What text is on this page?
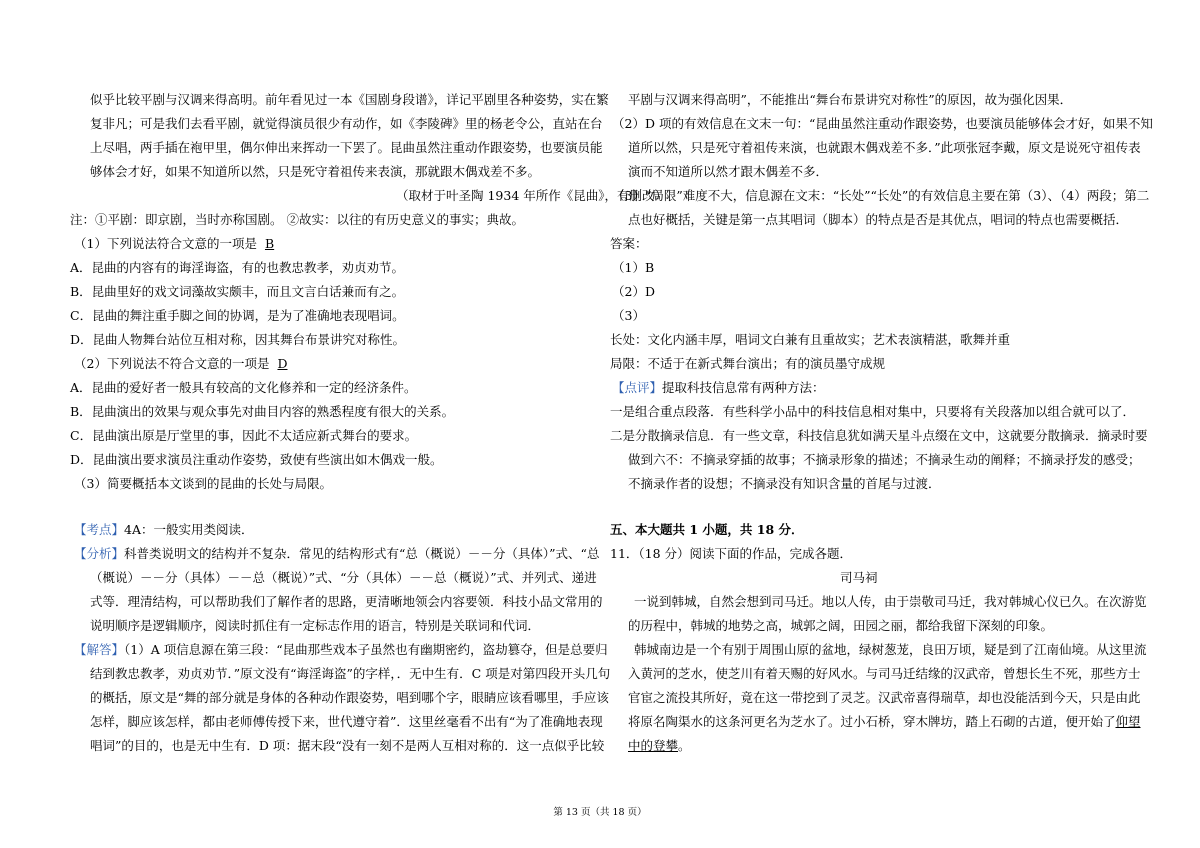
似乎比较平剧与汉调来得高明。前年看见过一本《国剧身段谱》，详记平剧里各种姿势，实在繁
复非凡；可是我们去看平剧，就觉得演员很少有动作，如《李陵碑》里的杨老令公，直站在台
上尽唱，两手插在袍甲里，偶尔伸出来挥动一下罢了。昆曲虽然注重动作跟姿势，也要演员能
够体会才好，如果不知道所以然，只是死守着祖传来表演，那就跟木偶戏差不多。
（取材于叶圣陶 1934 年所作《昆曲》，有删改）
注：①平剧：即京剧，当时亦称国剧。 ②故实：以往的有历史意义的事实；典故。
（1）下列说法符合文意的一项是 B
A．昆曲的内容有的诲淫诲盗，有的也教忠教孝，劝贞劝节。
B．昆曲里好的戏文词藻故实颇丰，而且文言白话兼而有之。
C．昆曲的舞注重手脚之间的协调，是为了准确地表现唱词。
D．昆曲人物舞台站位互相对称，因其舞台布景讲究对称性。
（2）下列说法不符合文意的一项是 D
A．昆曲的爱好者一般具有较高的文化修养和一定的经济条件。
B．昆曲演出的效果与观众事先对曲目内容的熟悉程度有很大的关系。
C．昆曲演出原是厅堂里的事，因此不太适应新式舞台的要求。
D．昆曲演出要求演员注重动作姿势，致使有些演出如木偶戏一般。
（3）简要概括本文谈到的昆曲的长处与局限。
【考点】4A：一般实用类阅读．
【分析】科普类说明文的结构并不复杂．常见的结构形式有“总（概说）－－分（具体）”式、“总
（概说）－－分（具体）－－总（概说）”式、“分（具体）－－总（概说）”式、并列式、递进
式等．理清结构，可以帮助我们了解作者的思路，更清晰地领会内容要领．科技小品文常用的
说明顺序是逻辑顺序，阅读时抓住有一定标志作用的语言，特别是关联词和代词．
【解答】（1）A 项信息源在第三段：“昆曲那些戏本子虽然也有幽期密约，盗劫篡夺，但是总要归
结到教忠教孝，劝贞劝节．”原文没有“诲淫诲盗”的字样，．无中生有．C 项是对第四段开头几句
的概括，原文是“舞的部分就是身体的各种动作跟姿势，唱到哪个字，眼睛应该看哪里，手应该
怎样，脚应该怎样，都由老师傅传授下来，世代遵守着”．这里丝毫看不出有“为了准确地表现
唱词”的目的，也是无中生有．D 项：据末段“没有一刻不是两人互相对称的．这一点似乎比较
平剧与汉调来得高明”，不能推出“舞台布景讲究对称性”的原因，故为强化因果．
（2）D 项的有效信息在文末一句：“昆曲虽然注重动作跟姿势，也要演员能够体会才好，如果不知
道所以然，只是死守着祖传来演，也就跟木偶戏差不多．”此项张冠李戴，原文是说死守祖传表
演而不知道所以然才跟木偶差不多．
（3）“局限”难度不大，信息源在文末：“长处”“长处”的有效信息主要在第（3）、（4）两段；第二
点也好概括，关键是第一点其唱词（脚本）的特点是否是其优点，唱词的特点也需要概括．
答案：
（1）B
（2）D
（3）
长处：文化内涵丰厚，唱词文白兼有且重故实；艺术表演精湛，歌舞并重
局限：不适于在新式舞台演出；有的演员墨守成规
【点评】提取科技信息常有两种方法：
一是组合重点段落．有些科学小品中的科技信息相对集中，只要将有关段落加以组合就可以了．
二是分散摘录信息．有一些文章，科技信息犹如满天星斗点缀在文中，这就要分散摘录．摘录时要
做到六不：不摘录穿插的故事；不摘录形象的描述；不摘录生动的阐释；不摘录抒发的感受；
不摘录作者的设想；不摘录没有知识含量的首尾与过渡．
五、本大题共 1 小题，共 18 分．
11．（18 分）阅读下面的作品，完成各题．
司马祠
一说到韩城，自然会想到司马迁。地以人传，由于崇敬司马迁，我对韩城心仪已久。在次游览
的历程中，韩城的地势之高，城郭之阔，田园之丽，都给我留下深刻的印象。
韩城南边是一个有别于周围山原的盆地，绿树葱茏，良田万顷，疑是到了江南仙境。从这里流
入黄河的芝水，使芝川有着天赐的好风水。与司马迁结缘的汉武帝，曾想长生不死，那些方士
官宦之流投其所好，竟在这一带挖到了灵芝。汉武帝喜得瑞草，却也没能活到今天，只是由此
将原名陶渠水的这条河更名为芝水了。过小石桥，穿木牌坊，踏上石砌的古道，便开始了仰望
中的登攀。
第 13 页（共 18 页）
